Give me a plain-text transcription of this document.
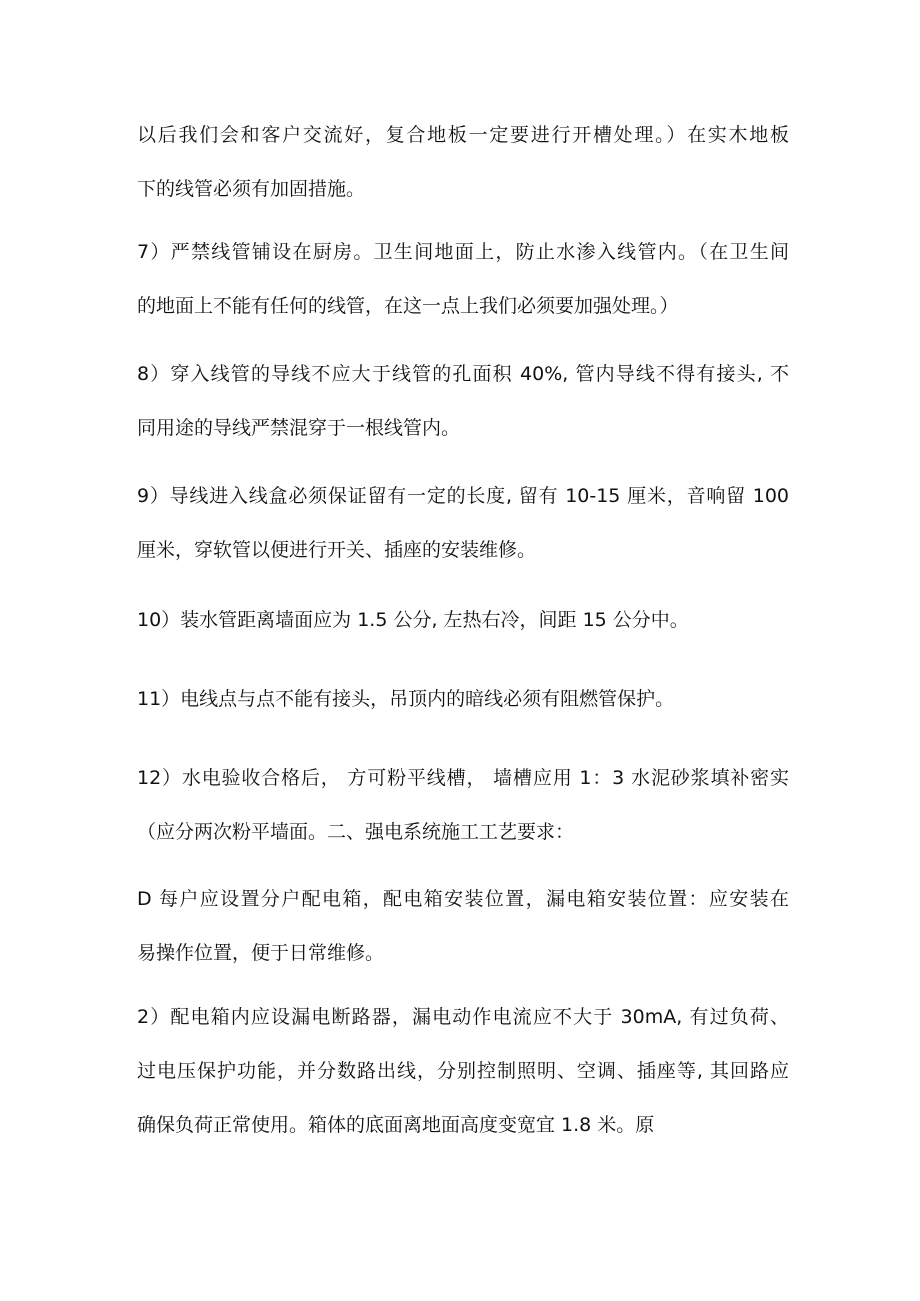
以后我们会和客户交流好，复合地板一定要进行开槽处理。）在实木地板
下的线管必须有加固措施。
7）严禁线管铺设在厨房。卫生间地面上，防止水渗入线管内。（在卫生间
的地面上不能有任何的线管，在这一点上我们必须要加强处理。）
8）穿入线管的导线不应大于线管的孔面积 40%, 管内导线不得有接头, 不
同用途的导线严禁混穿于一根线管内。
9）导线进入线盒必须保证留有一定的长度, 留有 10-15 厘米，音响留 100
厘米，穿软管以便进行开关、插座的安装维修。
10）装水管距离墙面应为 1.5 公分, 左热右冷，间距 15 公分中。
11）电线点与点不能有接头，吊顶内的暗线必须有阻燃管保护。
12）水电验收合格后， 方可粉平线槽， 墙槽应用 1：3 水泥砂浆填补密实
（应分两次粉平墙面。二、强电系统施工工艺要求：
D 每户应设置分户配电箱，配电箱安装位置，漏电箱安装位置：应安装在
易操作位置，便于日常维修。
2）配电箱内应设漏电断路器，漏电动作电流应不大于 30mA, 有过负荷、
过电压保护功能，并分数路出线，分别控制照明、空调、插座等, 其回路应
确保负荷正常使用。箱体的底面离地面高度变宽宜 1.8 米。原
